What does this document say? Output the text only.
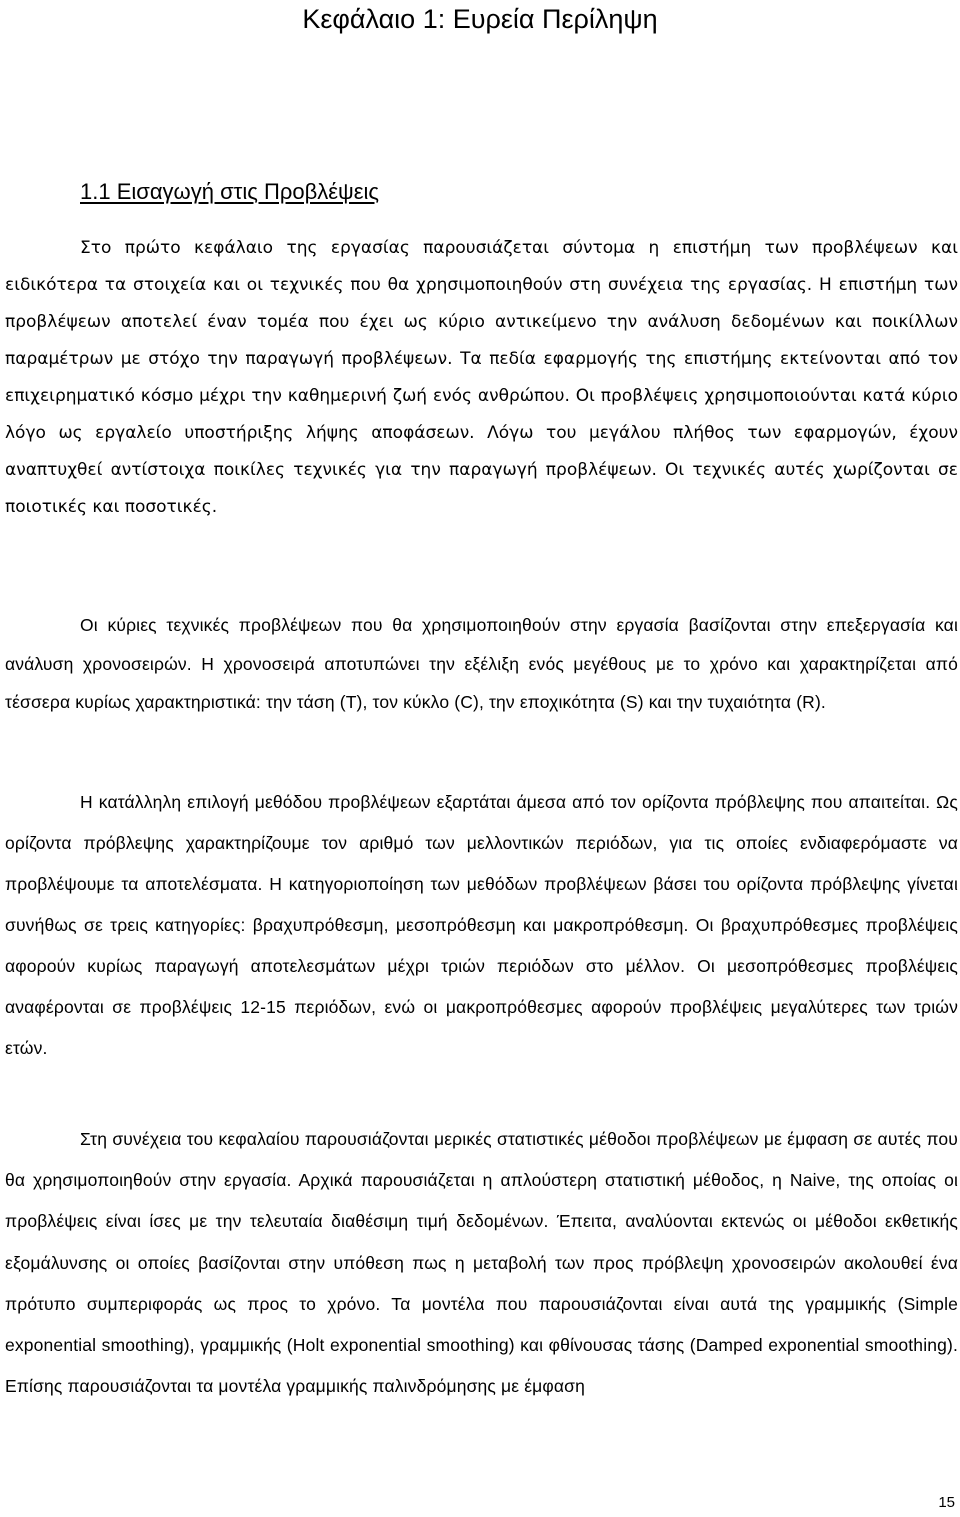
Κεφάλαιο 1: Ευρεία Περίληψη
1.1 Εισαγωγή στις Προβλέψεις

Στο πρώτο κεφάλαιο της εργασίας παρουσιάζεται σύντομα η επιστήμη των προβλέψεων και ειδικότερα τα στοιχεία και οι τεχνικές που θα χρησιμοποιηθούν στη συνέχεια της εργασίας. Η επιστήμη των προβλέψεων αποτελεί έναν τομέα που έχει ως κύριο αντικείμενο την ανάλυση δεδομένων και ποικίλλων παραμέτρων με στόχο την παραγωγή προβλέψεων. Τα πεδία εφαρμογής της επιστήμης εκτείνονται από τον επιχειρηματικό κόσμο μέχρι την καθημερινή ζωή ενός ανθρώπου. Οι προβλέψεις χρησιμοποιούνται κατά κύριο λόγο ως εργαλείο υποστήριξης λήψης αποφάσεων. Λόγω του μεγάλου πλήθος των εφαρμογών, έχουν αναπτυχθεί αντίστοιχα ποικίλες τεχνικές για την παραγωγή προβλέψεων. Οι τεχνικές αυτές χωρίζονται σε ποιοτικές και ποσοτικές.

Οι κύριες τεχνικές προβλέψεων που θα χρησιμοποιηθούν στην εργασία βασίζονται στην επεξεργασία και ανάλυση χρονοσειρών. Η χρονοσειρά αποτυπώνει την εξέλιξη ενός μεγέθους με το χρόνο και χαρακτηρίζεται από τέσσερα κυρίως χαρακτηριστικά: την τάση (T), τον κύκλο (C), την εποχικότητα (S) και την τυχαιότητα (R).

Η κατάλληλη επιλογή μεθόδου προβλέψεων εξαρτάται άμεσα από τον ορίζοντα πρόβλεψης που απαιτείται. Ως ορίζοντα πρόβλεψης χαρακτηρίζουμε τον αριθμό των μελλοντικών περιόδων, για τις οποίες ενδιαφερόμαστε να προβλέψουμε τα αποτελέσματα. Η κατηγοριοποίηση των μεθόδων προβλέψεων βάσει του ορίζοντα πρόβλεψης γίνεται συνήθως σε τρεις κατηγορίες: βραχυπρόθεσμη, μεσοπρόθεσμη και μακροπρόθεσμη. Οι βραχυπρόθεσμες προβλέψεις αφορούν κυρίως παραγωγή αποτελεσμάτων μέχρι τριών περιόδων στο μέλλον. Οι μεσοπρόθεσμες προβλέψεις αναφέρονται σε προβλέψεις 12-15 περιόδων, ενώ οι μακροπρόθεσμες αφορούν προβλέψεις μεγαλύτερες των τριών ετών.

Στη συνέχεια του κεφαλαίου παρουσιάζονται μερικές στατιστικές μέθοδοι προβλέψεων με έμφαση σε αυτές που θα χρησιμοποιηθούν στην εργασία. Αρχικά παρουσιάζεται η απλούστερη στατιστική μέθοδος, η Naive, της οποίας οι προβλέψεις είναι ίσες με την τελευταία διαθέσιμη τιμή δεδομένων. Έπειτα, αναλύονται εκτενώς οι μέθοδοι εκθετικής εξομάλυνσης οι οποίες βασίζονται στην υπόθεση πως η μεταβολή των προς πρόβλεψη χρονοσειρών ακολουθεί ένα πρότυπο συμπεριφοράς ως προς το χρόνο. Τα μοντέλα που παρουσιάζονται είναι αυτά της γραμμικής (Simple exponential smoothing), γραμμικής (Holt exponential smoothing) και φθίνουσας τάσης (Damped exponential smoothing). Επίσης παρουσιάζονται τα μοντέλα γραμμικής παλινδρόμησης με έμφαση

15
